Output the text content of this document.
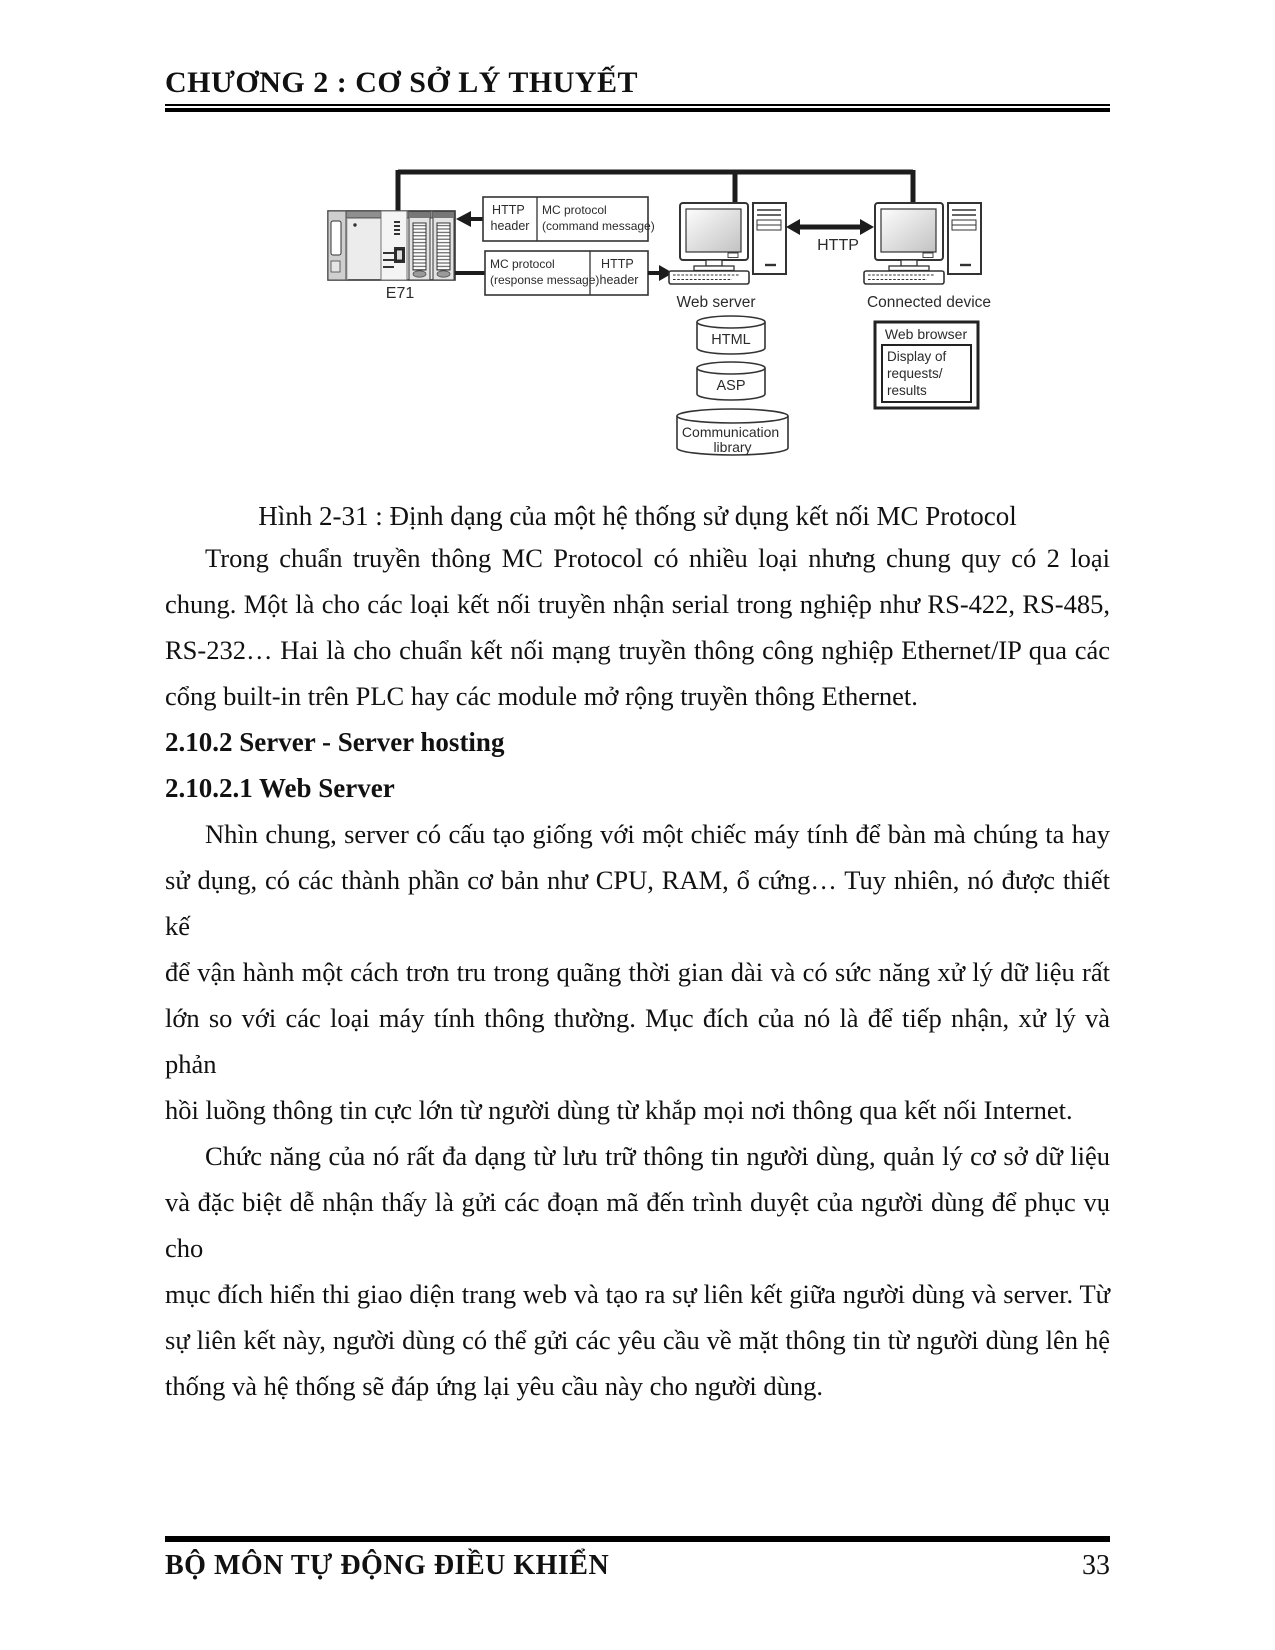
CHƯƠNG 2 : CƠ SỞ LÝ THUYẾT
E71
HTTP header
MC protocol (command message)
MC protocol (response message)
HTTP header
Web server
HTTP
Connected device
HTML
ASP
Communication library
Web browser
Display of requests/ results
Hình 2-31 : Định dạng của một hệ thống sử dụng kết nối MC Protocol
Trong chuẩn truyền thông MC Protocol có nhiều loại nhưng chung quy có 2 loại
chung. Một là cho các loại kết nối truyền nhận serial trong nghiệp như RS-422, RS-485,
RS-232… Hai là cho chuẩn kết nối mạng truyền thông công nghiệp Ethernet/IP qua các
cổng built-in trên PLC hay các module mở rộng truyền thông Ethernet.
2.10.2 Server - Server hosting
2.10.2.1 Web Server
Nhìn chung, server có cấu tạo giống với một chiếc máy tính để bàn mà chúng ta hay
sử dụng, có các thành phần cơ bản như CPU, RAM, ổ cứng… Tuy nhiên, nó được thiết kế
để vận hành một cách trơn tru trong quãng thời gian dài và có sức năng xử lý dữ liệu rất
lớn so với các loại máy tính thông thường. Mục đích của nó là để tiếp nhận, xử lý và phản
hồi luồng thông tin cực lớn từ người dùng từ khắp mọi nơi thông qua kết nối Internet.
Chức năng của nó rất đa dạng từ lưu trữ thông tin người dùng, quản lý cơ sở dữ liệu
và đặc biệt dễ nhận thấy là gửi các đoạn mã đến trình duyệt của người dùng để phục vụ cho
mục đích hiển thi giao diện trang web và tạo ra sự liên kết giữa người dùng và server. Từ
sự liên kết này, người dùng có thể gửi các yêu cầu về mặt thông tin từ người dùng lên hệ
thống và hệ thống sẽ đáp ứng lại yêu cầu này cho người dùng.
BỘ MÔN TỰ ĐỘNG ĐIỀU KHIỂN	33
